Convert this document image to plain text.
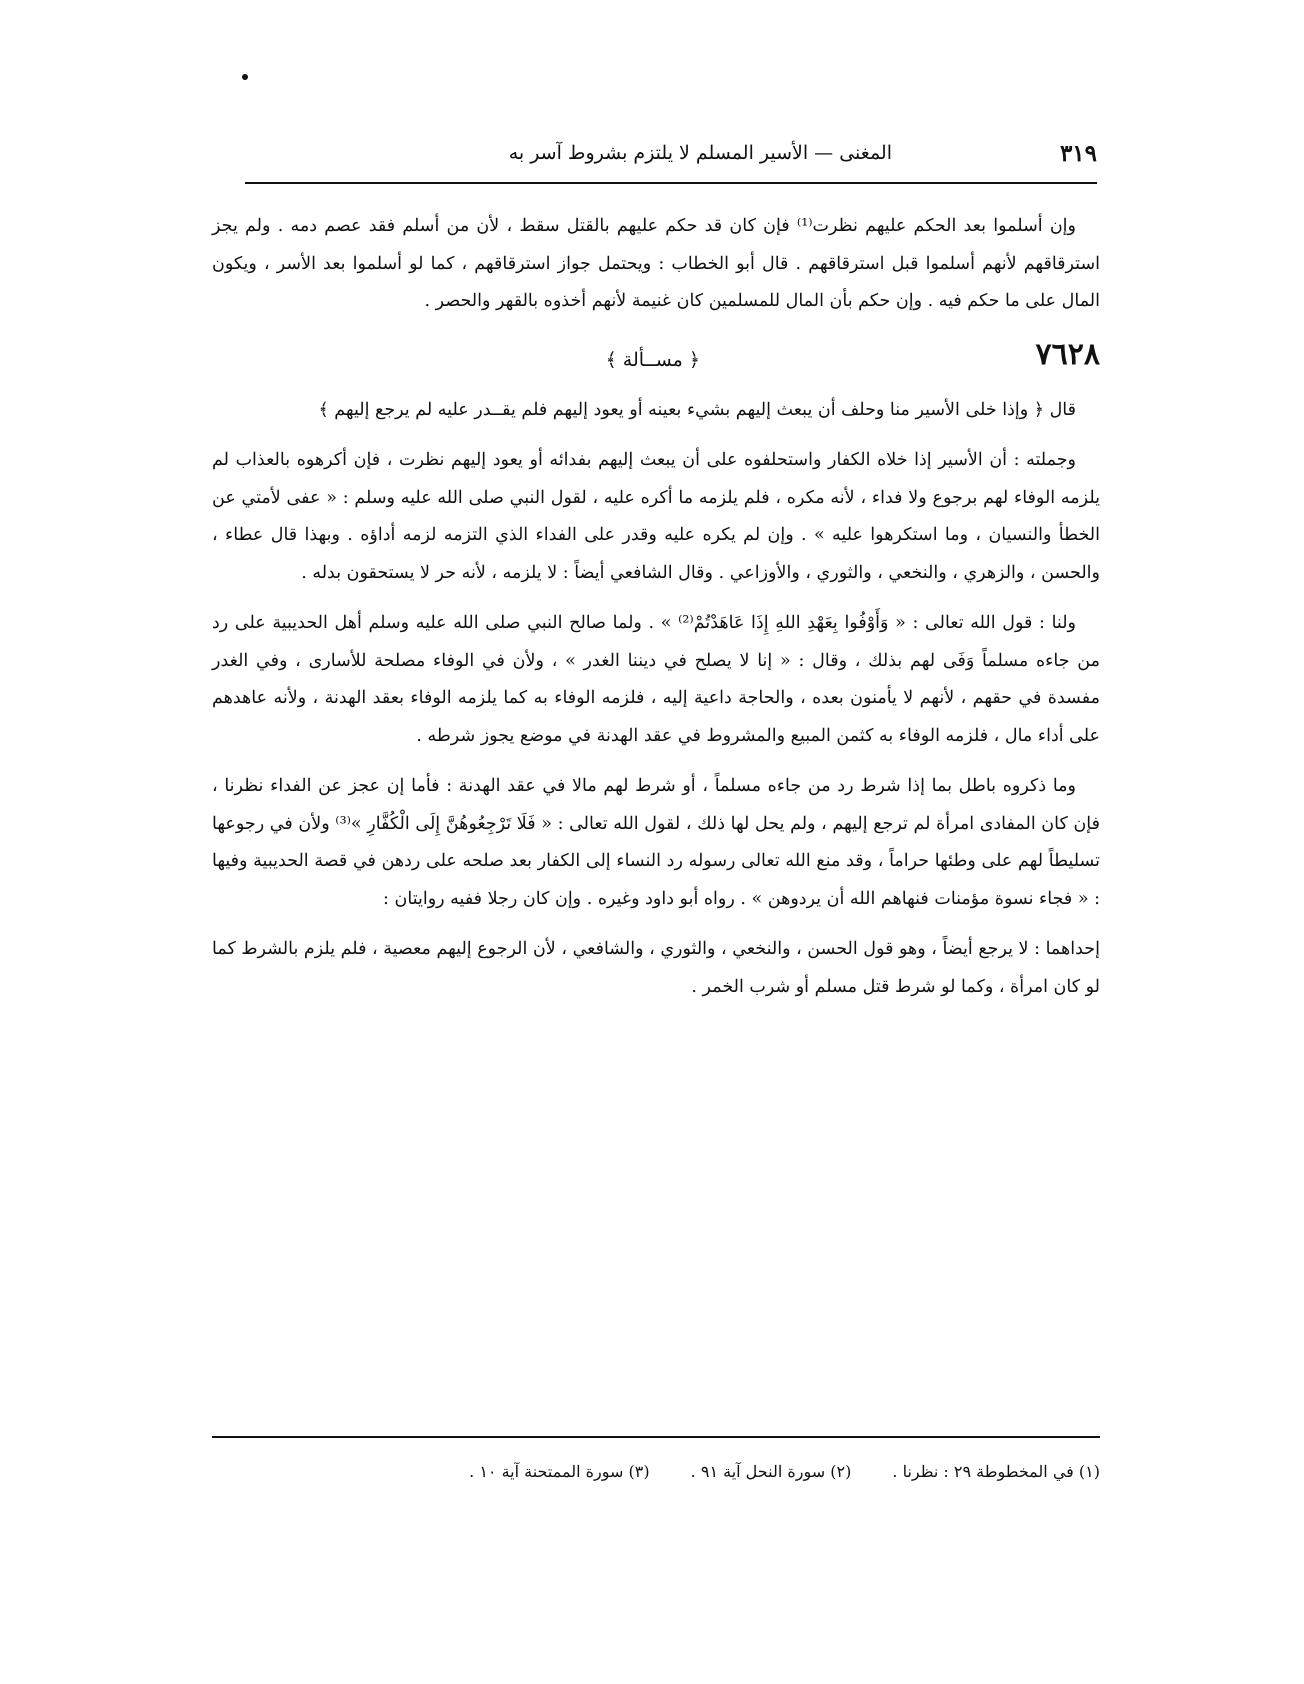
٣١٩
المغنى — الأسير المسلم لا يلتزم بشروط آسر به

وإن أسلموا بعد الحكم عليهم نظرت⁽¹⁾ فإن كان قد حكم عليهم بالقتل سقط ، لأن من أسلم فقد عصم دمه . ولم يجز استرقاقهم لأنهم أسلموا قبل استرقاقهم . قال أبو الخطاب : ويحتمل جواز استرقاقهم ، كما لو أسلموا بعد الأسر ، ويكون المال على ما حكم فيه . وإن حكم بأن المال للمسلمين كان غنيمة لأنهم أخذوه بالقهر والحصر .

٧٦٢٨
﴿ مســألة ﴾

قال ﴿ وإذا خلى الأسير منا وحلف أن يبعث إليهم بشيء بعينه أو يعود إليهم فلم يقــدر عليه لم يرجع إليهم ﴾

وجملته : أن الأسير إذا خلاه الكفار واستحلفوه على أن يبعث إليهم بفدائه أو يعود إليهم نظرت ، فإن أكرهوه بالعذاب لم يلزمه الوفاء لهم برجوع ولا فداء ، لأنه مكره ، فلم يلزمه ما أكره عليه ، لقول النبي صلى الله عليه وسلم : « عفى لأمتي عن الخطأ والنسيان ، وما استكرهوا عليه » . وإن لم يكره عليه وقدر على الفداء الذي التزمه لزمه أداؤه . وبهذا قال عطاء ، والحسن ، والزهري ، والنخعي ، والثوري ، والأوزاعي . وقال الشافعي أيضاً : لا يلزمه ، لأنه حر لا يستحقون بدله .

ولنا : قول الله تعالى : « وَأَوْفُوا بِعَهْدِ اللهِ إِذَا عَاهَدْتُمْ⁽²⁾ » . ولما صالح النبي صلى الله عليه وسلم أهل الحديبية على رد من جاءه مسلماً وَفَى لهم بذلك ، وقال : « إنا لا يصلح في ديننا الغدر » ، ولأن في الوفاء مصلحة للأسارى ، وفي الغدر مفسدة في حقهم ، لأنهم لا يأمنون بعده ، والحاجة داعية إليه ، فلزمه الوفاء به كما يلزمه الوفاء بعقد الهدنة ، ولأنه عاهدهم على أداء مال ، فلزمه الوفاء به كثمن المبيع والمشروط في عقد الهدنة في موضع يجوز شرطه .

وما ذكروه باطل بما إذا شرط رد من جاءه مسلماً ، أو شرط لهم مالا في عقد الهدنة : فأما إن عجز عن الفداء نظرنا ، فإن كان المفادى امرأة لم ترجع إليهم ، ولم يحل لها ذلك ، لقول الله تعالى : « فَلَا تَرْجِعُوهُنَّ إِلَى الْكُفَّارِ »⁽³⁾ ولأن في رجوعها تسليطاً لهم على وطئها حراماً ، وقد منع الله تعالى رسوله رد النساء إلى الكفار بعد صلحه على ردهن في قصة الحديبية وفيها : « فجاء نسوة مؤمنات فنهاهم الله أن يردوهن » . رواه أبو داود وغيره . وإن كان رجلا ففيه روايتان :

إحداهما : لا يرجع أيضاً ، وهو قول الحسن ، والنخعي ، والثوري ، والشافعي ، لأن الرجوع إليهم معصية ، فلم يلزم بالشرط كما لو كان امرأة ، وكما لو شرط قتل مسلم أو شرب الخمر .

(١) في المخطوطة ٢٩ : نظرنا . (٢) سورة النحل آية ٩١ . (٣) سورة الممتحنة آية ١٠ .
